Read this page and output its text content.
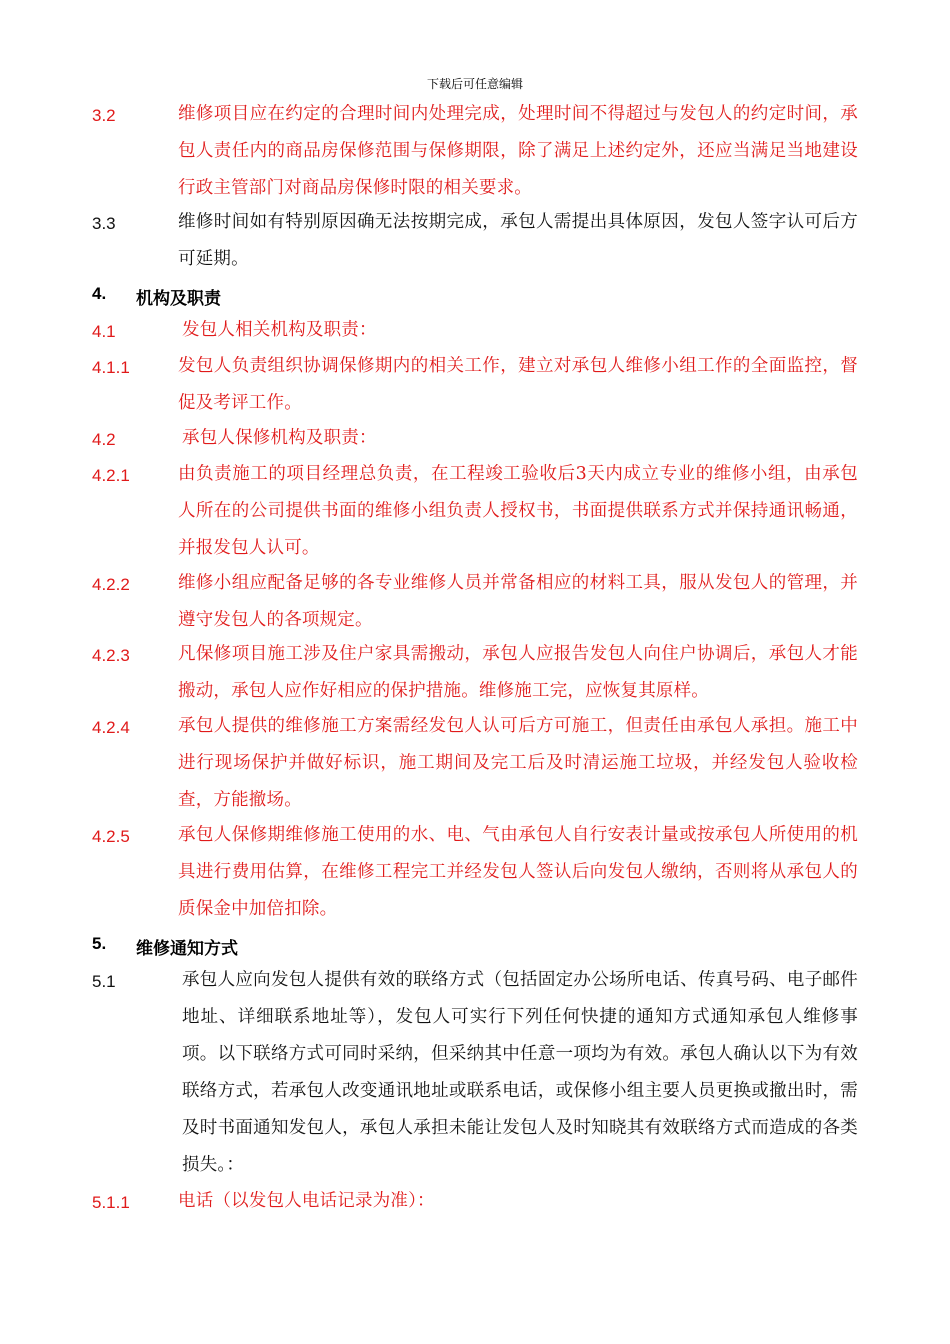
下载后可任意编辑
3.2	维修项目应在约定的合理时间内处理完成，处理时间不得超过与发包人的约定时间，承包人责任内的商品房保修范围与保修期限，除了满足上述约定外，还应当满足当地建设行政主管部门对商品房保修时限的相关要求。
3.3	维修时间如有特别原因确无法按期完成，承包人需提出具体原因，发包人签字认可后方可延期。
4. 机构及职责
4.1	发包人相关机构及职责：
4.1.1	发包人负责组织协调保修期内的相关工作，建立对承包人维修小组工作的全面监控，督促及考评工作。
4.2	承包人保修机构及职责：
4.2.1	由负责施工的项目经理总负责，在工程竣工验收后3天内成立专业的维修小组，由承包人所在的公司提供书面的维修小组负责人授权书，书面提供联系方式并保持通讯畅通，并报发包人认可。
4.2.2	维修小组应配备足够的各专业维修人员并常备相应的材料工具，服从发包人的管理，并遵守发包人的各项规定。
4.2.3	凡保修项目施工涉及住户家具需搬动，承包人应报告发包人向住户协调后，承包人才能搬动，承包人应作好相应的保护措施。维修施工完，应恢复其原样。
4.2.4	承包人提供的维修施工方案需经发包人认可后方可施工，但责任由承包人承担。施工中进行现场保护并做好标识，施工期间及完工后及时清运施工垃圾，并经发包人验收检查，方能撤场。
4.2.5	承包人保修期维修施工使用的水、电、气由承包人自行安表计量或按承包人所使用的机具进行费用估算，在维修工程完工并经发包人签认后向发包人缴纳，否则将从承包人的质保金中加倍扣除。
5. 维修通知方式
5.1	承包人应向发包人提供有效的联络方式（包括固定办公场所电话、传真号码、电子邮件地址、详细联系地址等），发包人可实行下列任何快捷的通知方式通知承包人维修事项。以下联络方式可同时采纳，但采纳其中任意一项均为有效。承包人确认以下为有效联络方式，若承包人改变通讯地址或联系电话，或保修小组主要人员更换或撤出时，需及时书面通知发包人，承包人承担未能让发包人及时知晓其有效联络方式而造成的各类损失。：
5.1.1	电话（以发包人电话记录为准）：
